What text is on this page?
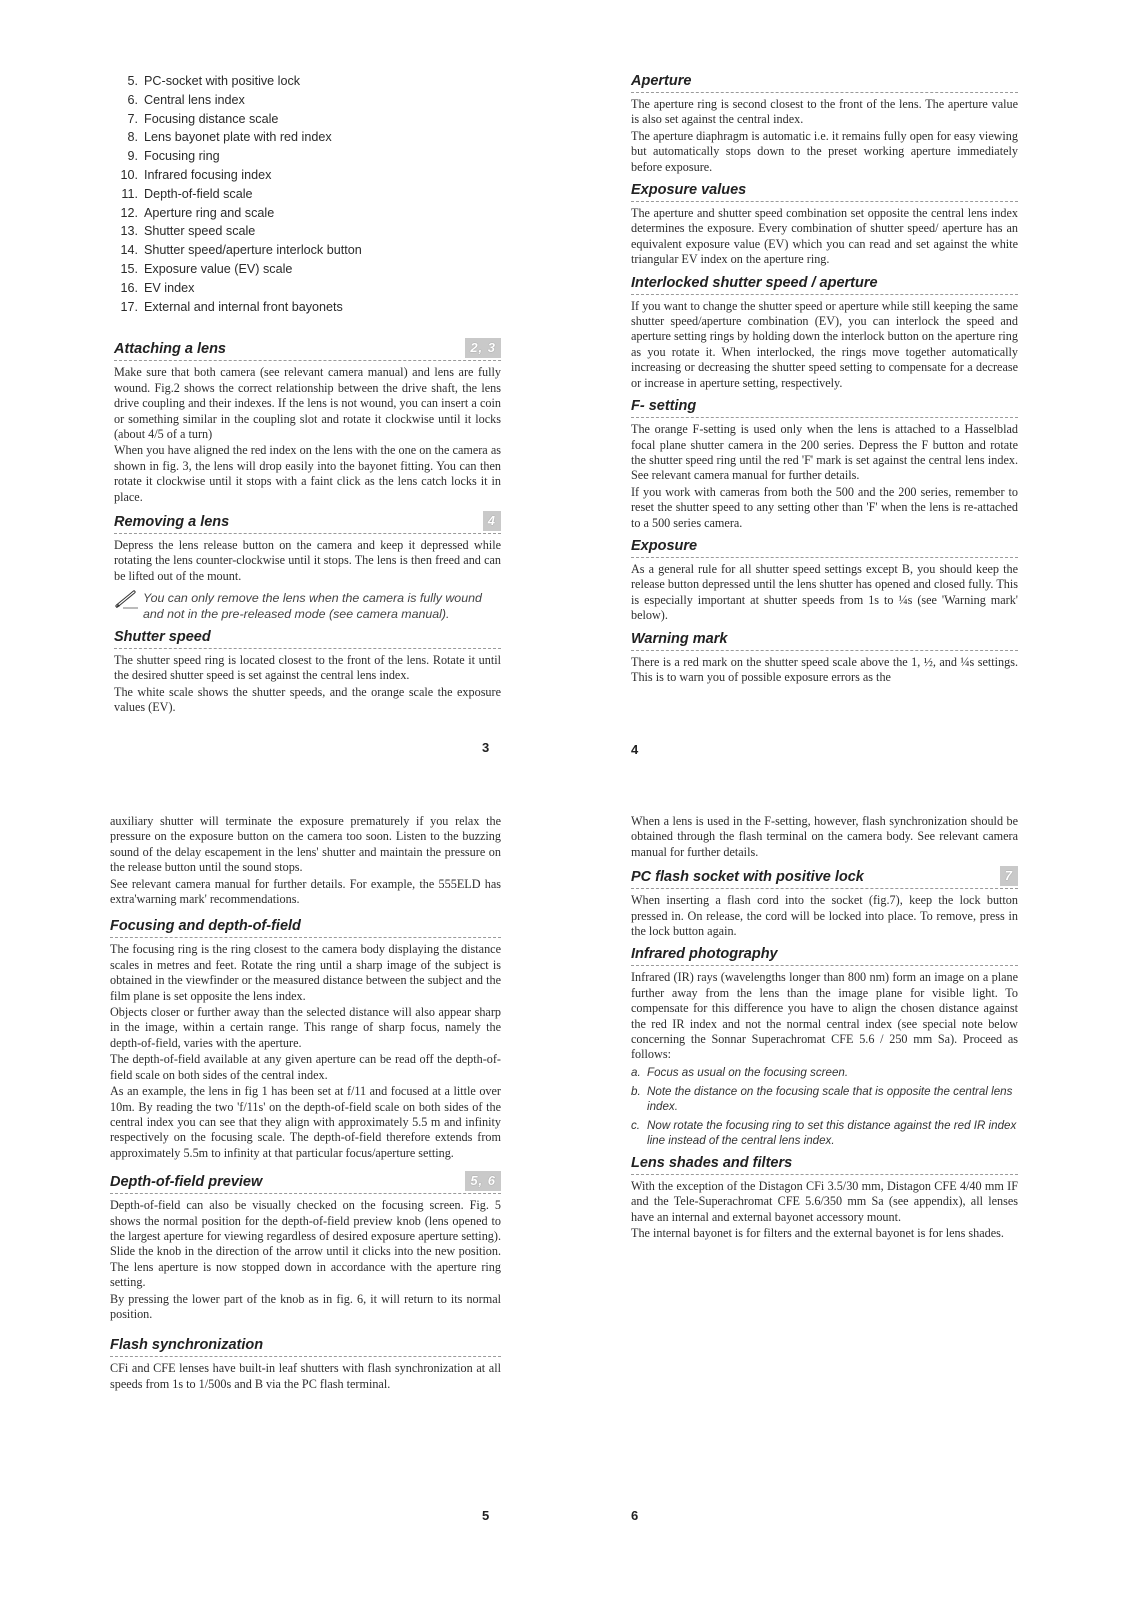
5. PC-socket with positive lock
6. Central lens index
7. Focusing distance scale
8. Lens bayonet plate with red index
9. Focusing ring
10. Infrared focusing index
11. Depth-of-field scale
12. Aperture ring and scale
13. Shutter speed scale
14. Shutter speed/aperture interlock button
15. Exposure value (EV) scale
16. EV index
17. External and internal front bayonets
Attaching a lens	2, 3

Make sure that both camera (see relevant camera manual) and lens are fully wound. Fig.2 shows the correct relationship between the drive shaft, the lens drive coupling and their indexes. If the lens is not wound, you can insert a coin or something similar in the coupling slot and rotate it clockwise until it locks (about 4/5 of a turn)

When you have aligned the red index on the lens with the one on the camera as shown in fig. 3, the lens will drop easily into the bayonet fitting. You can then rotate it clockwise until it stops with a faint click as the lens catch locks it in place.

Removing a lens	4

Depress the lens release button on the camera and keep it depressed while rotating the lens counter-clockwise until it stops. The lens is then freed and can be lifted out of the mount.

You can only remove the lens when the camera is fully wound and not in the pre-released mode (see camera manual).
Shutter speed

The shutter speed ring is located closest to the front of the lens. Rotate it until the desired shutter speed is set against the central lens index.

The white scale shows the shutter speeds, and the orange scale the exposure values (EV).

3
Aperture

The aperture ring is second closest to the front of the lens. The aperture value is also set against the central index.

The aperture diaphragm is automatic i.e. it remains fully open for easy viewing but automatically stops down to the preset working aperture immediately before exposure.

Exposure values

The aperture and shutter speed combination set opposite the central lens index determines the exposure. Every combination of shutter speed/ aperture has an equivalent exposure value (EV) which you can read and set against the white triangular EV index on the aperture ring.

Interlocked shutter speed / aperture

If you want to change the shutter speed or aperture while still keeping the same shutter speed/aperture combination (EV), you can interlock the speed and aperture setting rings by holding down the interlock button on the aperture ring as you rotate it. When interlocked, the rings move together automatically increasing or decreasing the shutter speed setting to compensate for a decrease or increase in aperture setting, respectively.

F- setting

The orange F-setting is used only when the lens is attached to a Hasselblad focal plane shutter camera in the 200 series. Depress the F button and rotate the shutter speed ring until the red 'F' mark is set against the central lens index. See relevant camera manual for further details.

If you work with cameras from both the 500 and the 200 series, remember to reset the shutter speed to any setting other than 'F' when the lens is re-attached to a 500 series camera.

Exposure

As a general rule for all shutter speed settings except B, you should keep the release button depressed until the lens shutter has opened and closed fully. This is especially important at shutter speeds from 1s to ¼s (see 'Warning mark' below).

Warning mark

There is a red mark on the shutter speed scale above the 1, ½, and ¼s settings. This is to warn you of possible exposure errors as the

4

auxiliary shutter will terminate the exposure prematurely if you relax the pressure on the exposure button on the camera too soon. Listen to the buzzing sound of the delay escapement in the lens' shutter and maintain the pressure on the release button until the sound stops.

See relevant camera manual for further details. For example, the 555ELD has extra'warning mark' recommendations.

Focusing and depth-of-field

The focusing ring is the ring closest to the camera body displaying the distance scales in metres and feet. Rotate the ring until a sharp image of the subject is obtained in the viewfinder or the measured distance between the subject and the film plane is set opposite the lens index.

Objects closer or further away than the selected distance will also appear sharp in the image, within a certain range. This range of sharp focus, namely the depth-of-field, varies with the aperture.

The depth-of-field available at any given aperture can be read off the depth-of-field scale on both sides of the central index.

As an example, the lens in fig 1 has been set at f/11 and focused at a little over 10m. By reading the two 'f/11s' on the depth-of-field scale on both sides of the central index you can see that they align with approximately 5.5 m and infinity respectively on the focusing scale. The depth-of-field therefore extends from approximately 5.5m to infinity at that particular focus/aperture setting.

Depth-of-field preview	5, 6

Depth-of-field can also be visually checked on the focusing screen. Fig. 5 shows the normal position for the depth-of-field preview knob (lens opened to the largest aperture for viewing regardless of desired exposure aperture setting). Slide the knob in the direction of the arrow until it clicks into the new position. The lens aperture is now stopped down in accordance with the aperture ring setting.

By pressing the lower part of the knob as in fig. 6, it will return to its normal position.

Flash synchronization

CFi and CFE lenses have built-in leaf shutters with flash synchronization at all speeds from 1s to 1/500s and B via the PC flash terminal.

5

When a lens is used in the F-setting, however, flash synchronization should be obtained through the flash terminal on the camera body. See relevant camera manual for further details.

PC flash socket with positive lock	7

When inserting a flash cord into the socket (fig.7), keep the lock button pressed in. On release, the cord will be locked into place. To remove, press in the lock button again.

Infrared photography

Infrared (IR) rays (wavelengths longer than 800 nm) form an image on a plane further away from the lens than the image plane for visible light. To compensate for this difference you have to align the chosen distance against the red IR index and not the normal central index (see special note below concerning the Sonnar Superachromat CFE 5.6 / 250 mm Sa). Proceed as follows:

a. Focus as usual on the focusing screen.
b. Note the distance on the focusing scale that is opposite the central lens index.
c. Now rotate the focusing ring to set this distance against the red IR index line instead of the central lens index.
Lens shades and filters

With the exception of the Distagon CFi 3.5/30 mm, Distagon CFE 4/40 mm IF and the Tele-Superachromat CFE 5.6/350 mm Sa (see appendix), all lenses have an internal and external bayonet accessory mount.

The internal bayonet is for filters and the external bayonet is for lens shades.

6
